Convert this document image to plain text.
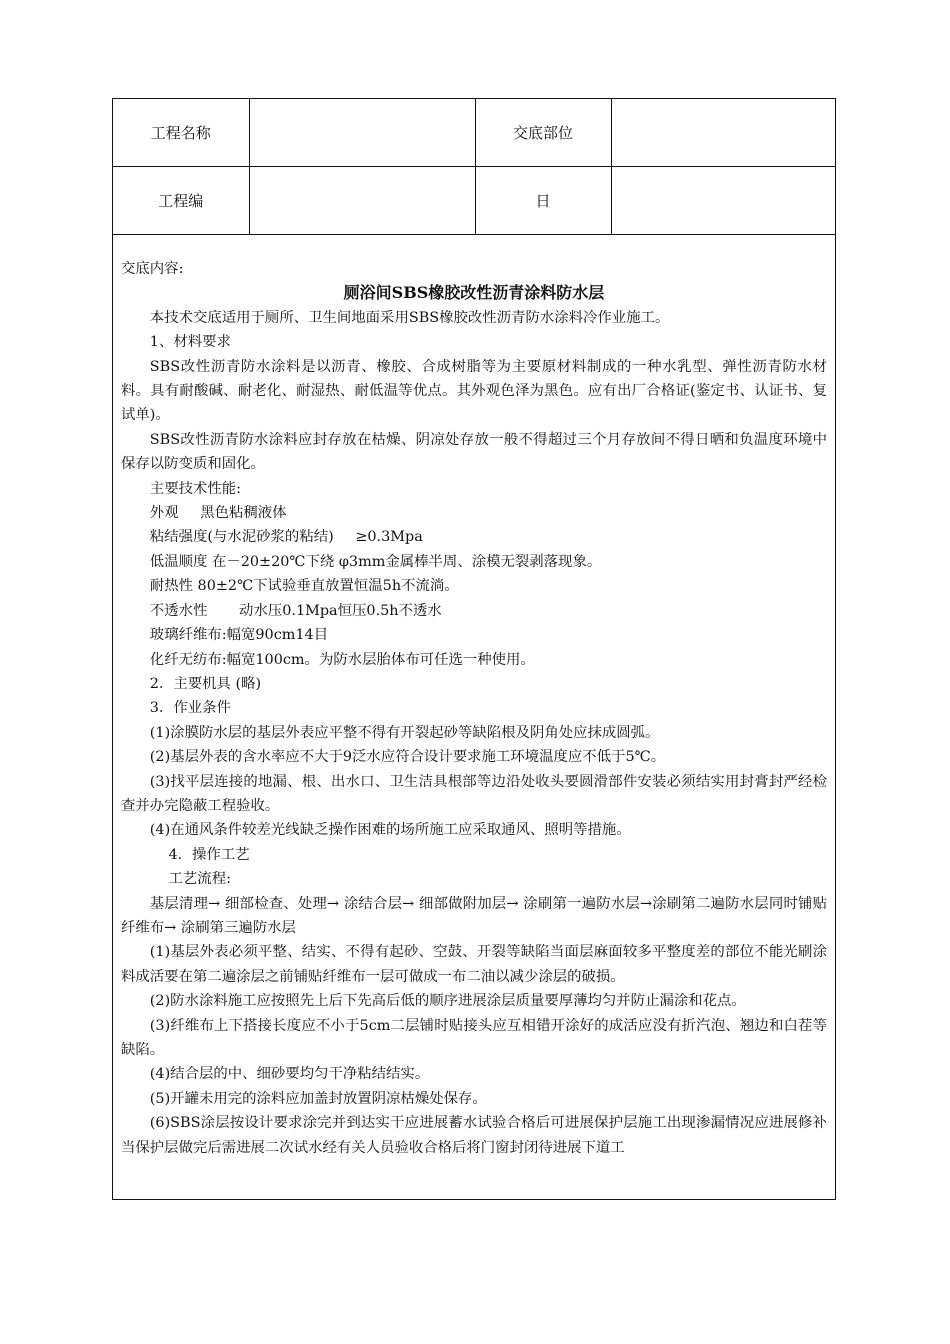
工程名称		交底部位	
工程编		日	

交底内容:

厕浴间SBS橡胶改性沥青涂料防水层

本技术交底适用于厕所、卫生间地面采用SBS橡胶改性沥青防水涂料冷作业施工。

1、材料要求

SBS改性沥青防水涂料是以沥青、橡胶、合成树脂等为主要原材料制成的一种水乳型、弹性沥青防水材料。具有耐酸碱、耐老化、耐湿热、耐低温等优点。其外观色泽为黑色。应有出厂合格证(鉴定书、认证书、复试单)。

SBS改性沥青防水涂料应封存放在枯燥、阴凉处存放一般不得超过三个月存放间不得日晒和负温度环境中保存以防变质和固化。

主要技术性能:

外观 黑色粘稠液体

粘结强度(与水泥砂浆的粘结) ≥0.3Mpa

低温顺度 在－20±20℃下绕 φ3mm金属棒半周、涂模无裂剥落现象。

耐热性 80±2℃下试验垂直放置恒温5h不流淌。

不透水性 动水压0.1Mpa恒压0.5h不透水

玻璃纤维布:幅宽90cm14目

化纤无纺布:幅宽100cm。为防水层胎体布可任选一种使用。

2．主要机具 (略)

3．作业条件

(1)涂膜防水层的基层外表应平整不得有开裂起砂等缺陷根及阴角处应抹成圆弧。

(2)基层外表的含水率应不大于9泛水应符合设计要求施工环境温度应不低于5℃。

(3)找平层连接的地漏、根、出水口、卫生洁具根部等边沿处收头要圆滑部件安装必须结实用封膏封严经检查并办完隐蔽工程验收。

(4)在通风条件较差光线缺乏操作困难的场所施工应采取通风、照明等措施。

4．操作工艺

工艺流程:

基层清理→ 细部检查、处理→ 涂结合层→ 细部做附加层→ 涂刷第一遍防水层→涂刷第二遍防水层同时铺贴纤维布→ 涂刷第三遍防水层

(1)基层外表必须平整、结实、不得有起砂、空鼓、开裂等缺陷当面层麻面较多平整度差的部位不能光刷涂料成活要在第二遍涂层之前铺贴纤维布一层可做成一布二油以减少涂层的破损。

(2)防水涂料施工应按照先上后下先高后低的顺序进展涂层质量要厚薄均匀并防止漏涂和花点。

(3)纤维布上下搭接长度应不小于5cm二层铺时贴接头应互相错开涂好的成活应没有折汽泡、翘边和白茬等缺陷。

(4)结合层的中、细砂要均匀干净粘结结实。

(5)开罐未用完的涂料应加盖封放置阴凉枯燥处保存。

(6)SBS涂层按设计要求涂完并到达实干应进展蓄水试验合格后可进展保护层施工出现渗漏情况应进展修补当保护层做完后需进展二次试水经有关人员验收合格后将门窗封闭待进展下道工
